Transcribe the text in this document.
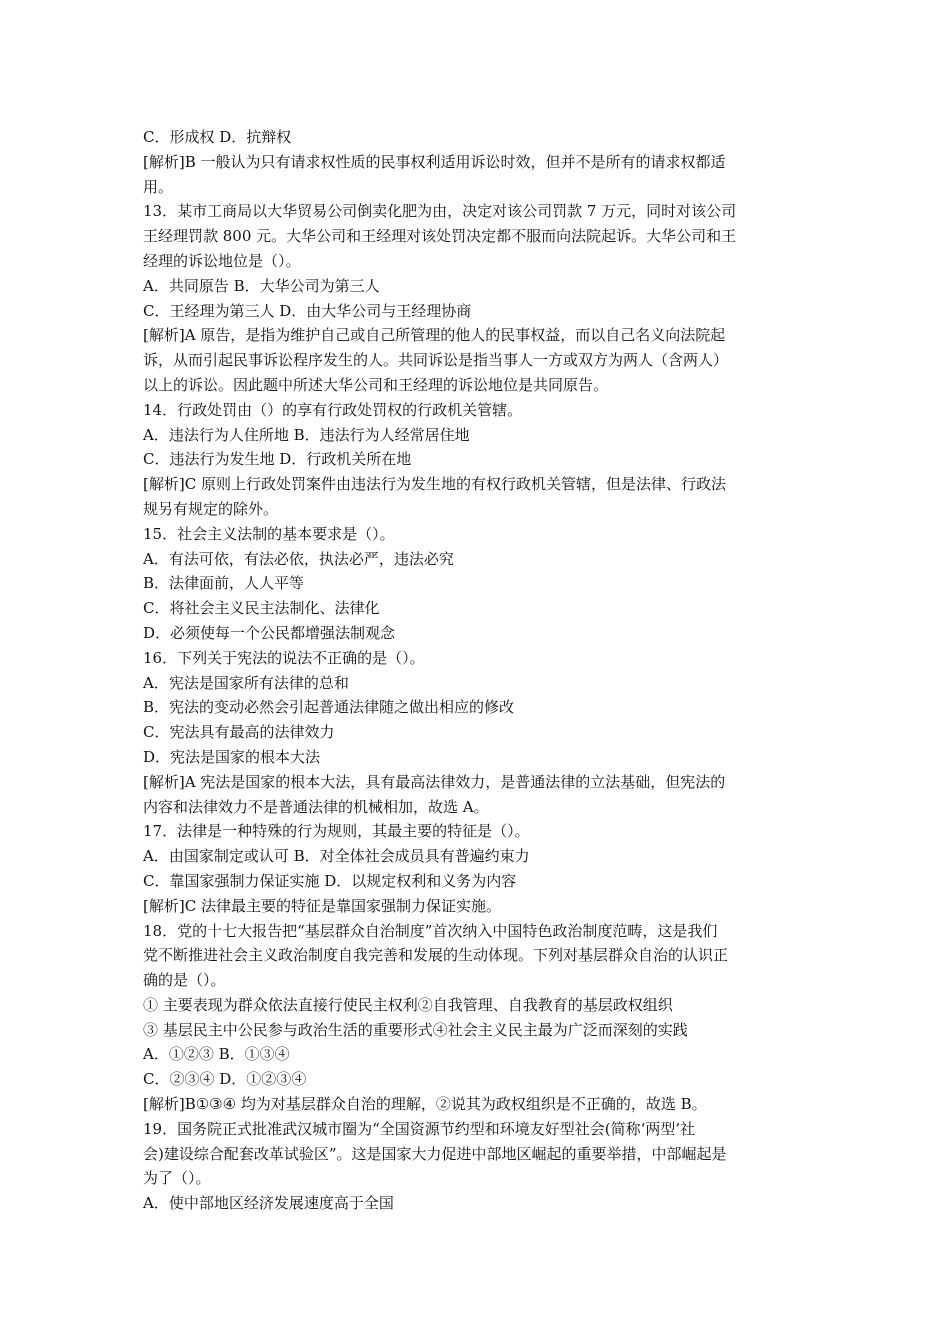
C．形成权 D．抗辩权
[解析]B 一般认为只有请求权性质的民事权利适用诉讼时效，但并不是所有的请求权都适
用。
13．某市工商局以大华贸易公司倒卖化肥为由，决定对该公司罚款 7 万元，同时对该公司
王经理罚款 800 元。大华公司和王经理对该处罚决定都不服而向法院起诉。大华公司和王
经理的诉讼地位是（）。
A．共同原告 B．大华公司为第三人
C．王经理为第三人 D．由大华公司与王经理协商
[解析]A 原告，是指为维护自己或自己所管理的他人的民事权益，而以自己名义向法院起
诉，从而引起民事诉讼程序发生的人。共同诉讼是指当事人一方或双方为两人（含两人）
以上的诉讼。因此题中所述大华公司和王经理的诉讼地位是共同原告。
14．行政处罚由（）的享有行政处罚权的行政机关管辖。
A．违法行为人住所地 B．违法行为人经常居住地
C．违法行为发生地 D．行政机关所在地
[解析]C 原则上行政处罚案件由违法行为发生地的有权行政机关管辖，但是法律、行政法
规另有规定的除外。
15．社会主义法制的基本要求是（）。
A．有法可依，有法必依，执法必严，违法必究
B．法律面前，人人平等
C．将社会主义民主法制化、法律化
D．必须使每一个公民都增强法制观念
16．下列关于宪法的说法不正确的是（）。
A．宪法是国家所有法律的总和
B．宪法的变动必然会引起普通法律随之做出相应的修改
C．宪法具有最高的法律效力
D．宪法是国家的根本大法
[解析]A 宪法是国家的根本大法，具有最高法律效力，是普通法律的立法基础，但宪法的
内容和法律效力不是普通法律的机械相加，故选 A。
17．法律是一种特殊的行为规则，其最主要的特征是（）。
A．由国家制定或认可 B．对全体社会成员具有普遍约束力
C．靠国家强制力保证实施 D．以规定权利和义务为内容
[解析]C 法律最主要的特征是靠国家强制力保证实施。
18．党的十七大报告把“基层群众自治制度”首次纳入中国特色政治制度范畴，这是我们
党不断推进社会主义政治制度自我完善和发展的生动体现。下列对基层群众自治的认识正
确的是（）。
① 主要表现为群众依法直接行使民主权利②自我管理、自我教育的基层政权组织
③ 基层民主中公民参与政治生活的重要形式④社会主义民主最为广泛而深刻的实践
A．①②③ B．①③④
C．②③④ D．①②③④
[解析]B①③④ 均为对基层群众自治的理解，②说其为政权组织是不正确的，故选 B。
19．国务院正式批准武汉城市圈为“全国资源节约型和环境友好型社会(简称‘两型’社
会)建设综合配套改革试验区”。这是国家大力促进中部地区崛起的重要举措，中部崛起是
为了（）。
A．使中部地区经济发展速度高于全国
